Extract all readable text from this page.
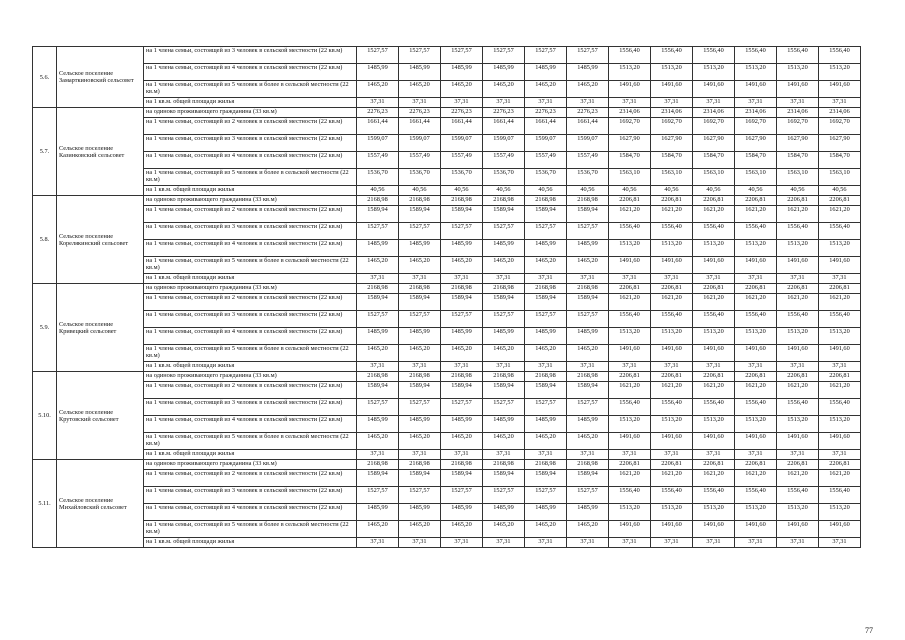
5.6.	Сельское поселение Замарткиновский сельсовет	на 1 члена семьи, состоящей из 3 человек в сельской местности (22 кв.м)	1527,57	1527,57	1527,57	1527,57	1527,57	1527,57	1556,40	1556,40	1556,40	1556,40	1556,40	1556,40
		на 1 члена семьи, состоящей из 4 человек в сельской местности (22 кв.м)	1485,99	1485,99	1485,99	1485,99	1485,99	1485,99	1513,20	1513,20	1513,20	1513,20	1513,20	1513,20
		на 1 члена семьи, состоящей из 5 человек и более в сельской местности (22 кв.м)	1465,20	1465,20	1465,20	1465,20	1465,20	1465,20	1491,60	1491,60	1491,60	1491,60	1491,60	1491,60
		на 1 кв.м. общей площади жилья	37,31	37,31	37,31	37,31	37,31	37,31	37,31	37,31	37,31	37,31	37,31	37,31
5.7.	Сельское поселение Казинковский сельсовет	на одиноко проживающего гражданина (33 кв.м)	2276,23	2276,23	2276,23	2276,23	2276,23	2276,23	2314,06	2314,06	2314,06	2314,06	2314,06	2314,06
		на 1 члена семьи, состоящей из 2 человек в сельской местности (22 кв.м)	1661,44	1661,44	1661,44	1661,44	1661,44	1661,44	1692,70	1692,70	1692,70	1692,70	1692,70	1692,70
		на 1 члена семьи, состоящей из 3 человек в сельской местности (22 кв.м)	1599,07	1599,07	1599,07	1599,07	1599,07	1599,07	1627,90	1627,90	1627,90	1627,90	1627,90	1627,90
		на 1 члена семьи, состоящей из 4 человек в сельской местности (22 кв.м)	1557,49	1557,49	1557,49	1557,49	1557,49	1557,49	1584,70	1584,70	1584,70	1584,70	1584,70	1584,70
		на 1 члена семьи, состоящей из 5 человек и более в сельской местности (22 кв.м)	1536,70	1536,70	1536,70	1536,70	1536,70	1536,70	1563,10	1563,10	1563,10	1563,10	1563,10	1563,10
		на 1 кв.м. общей площади жилья	40,56	40,56	40,56	40,56	40,56	40,56	40,56	40,56	40,56	40,56	40,56	40,56
5.8.	Сельское поселение Корелякинский сельсовет	на одиноко проживающего гражданина (33 кв.м)	2168,98	2168,98	2168,98	2168,98	2168,98	2168,98	2206,81	2206,81	2206,81	2206,81	2206,81	2206,81
		на 1 члена семьи, состоящей из 2 человек в сельской местности (22 кв.м)	1589,94	1589,94	1589,94	1589,94	1589,94	1589,94	1621,20	1621,20	1621,20	1621,20	1621,20	1621,20
		на 1 члена семьи, состоящей из 3 человек в сельской местности (22 кв.м)	1527,57	1527,57	1527,57	1527,57	1527,57	1527,57	1556,40	1556,40	1556,40	1556,40	1556,40	1556,40
		на 1 члена семьи, состоящей из 4 человек в сельской местности (22 кв.м)	1485,99	1485,99	1485,99	1485,99	1485,99	1485,99	1513,20	1513,20	1513,20	1513,20	1513,20	1513,20
		на 1 члена семьи, состоящей из 5 человек и более в сельской местности (22 кв.м)	1465,20	1465,20	1465,20	1465,20	1465,20	1465,20	1491,60	1491,60	1491,60	1491,60	1491,60	1491,60
		на 1 кв.м. общей площади жилья	37,31	37,31	37,31	37,31	37,31	37,31	37,31	37,31	37,31	37,31	37,31	37,31
5.9.	Сельское поселение Кривецкий сельсовет	на одиноко проживающего гражданина (33 кв.м)	2168,98	2168,98	2168,98	2168,98	2168,98	2168,98	2206,81	2206,81	2206,81	2206,81	2206,81	2206,81
		на 1 члена семьи, состоящей из 2 человек в сельской местности (22 кв.м)	1589,94	1589,94	1589,94	1589,94	1589,94	1589,94	1621,20	1621,20	1621,20	1621,20	1621,20	1621,20
		на 1 члена семьи, состоящей из 3 человек в сельской местности (22 кв.м)	1527,57	1527,57	1527,57	1527,57	1527,57	1527,57	1556,40	1556,40	1556,40	1556,40	1556,40	1556,40
		на 1 члена семьи, состоящей из 4 человек в сельской местности (22 кв.м)	1485,99	1485,99	1485,99	1485,99	1485,99	1485,99	1513,20	1513,20	1513,20	1513,20	1513,20	1513,20
		на 1 члена семьи, состоящей из 5 человек и более в сельской местности (22 кв.м)	1465,20	1465,20	1465,20	1465,20	1465,20	1465,20	1491,60	1491,60	1491,60	1491,60	1491,60	1491,60
		на 1 кв.м. общей площади жилья	37,31	37,31	37,31	37,31	37,31	37,31	37,31	37,31	37,31	37,31	37,31	37,31
5.10.	Сельское поселение Крутовский сельсовет	на одиноко проживающего гражданина (33 кв.м)	2168,98	2168,98	2168,98	2168,98	2168,98	2168,98	2206,81	2206,81	2206,81	2206,81	2206,81	2206,81
		на 1 члена семьи, состоящей из 2 человек в сельской местности (22 кв.м)	1589,94	1589,94	1589,94	1589,94	1589,94	1589,94	1621,20	1621,20	1621,20	1621,20	1621,20	1621,20
		на 1 члена семьи, состоящей из 3 человек в сельской местности (22 кв.м)	1527,57	1527,57	1527,57	1527,57	1527,57	1527,57	1556,40	1556,40	1556,40	1556,40	1556,40	1556,40
		на 1 члена семьи, состоящей из 4 человек в сельской местности (22 кв.м)	1485,99	1485,99	1485,99	1485,99	1485,99	1485,99	1513,20	1513,20	1513,20	1513,20	1513,20	1513,20
		на 1 члена семьи, состоящей из 5 человек и более в сельской местности (22 кв.м)	1465,20	1465,20	1465,20	1465,20	1465,20	1465,20	1491,60	1491,60	1491,60	1491,60	1491,60	1491,60
		на 1 кв.м. общей площади жилья	37,31	37,31	37,31	37,31	37,31	37,31	37,31	37,31	37,31	37,31	37,31	37,31
5.11.	Сельское поселение Михайловский сельсовет	на одиноко проживающего гражданина (33 кв.м)	2168,98	2168,98	2168,98	2168,98	2168,98	2168,98	2206,81	2206,81	2206,81	2206,81	2206,81	2206,81
		на 1 члена семьи, состоящей из 2 человек в сельской местности (22 кв.м)	1589,94	1589,94	1589,94	1589,94	1589,94	1589,94	1621,20	1621,20	1621,20	1621,20	1621,20	1621,20
		на 1 члена семьи, состоящей из 3 человек в сельской местности (22 кв.м)	1527,57	1527,57	1527,57	1527,57	1527,57	1527,57	1556,40	1556,40	1556,40	1556,40	1556,40	1556,40
		на 1 члена семьи, состоящей из 4 человек в сельской местности (22 кв.м)	1485,99	1485,99	1485,99	1485,99	1485,99	1485,99	1513,20	1513,20	1513,20	1513,20	1513,20	1513,20
		на 1 члена семьи, состоящей из 5 человек и более в сельской местности (22 кв.м)	1465,20	1465,20	1465,20	1465,20	1465,20	1465,20	1491,60	1491,60	1491,60	1491,60	1491,60	1491,60
		на 1 кв.м. общей площади жилья	37,31	37,31	37,31	37,31	37,31	37,31	37,31	37,31	37,31	37,31	37,31	37,31
77
